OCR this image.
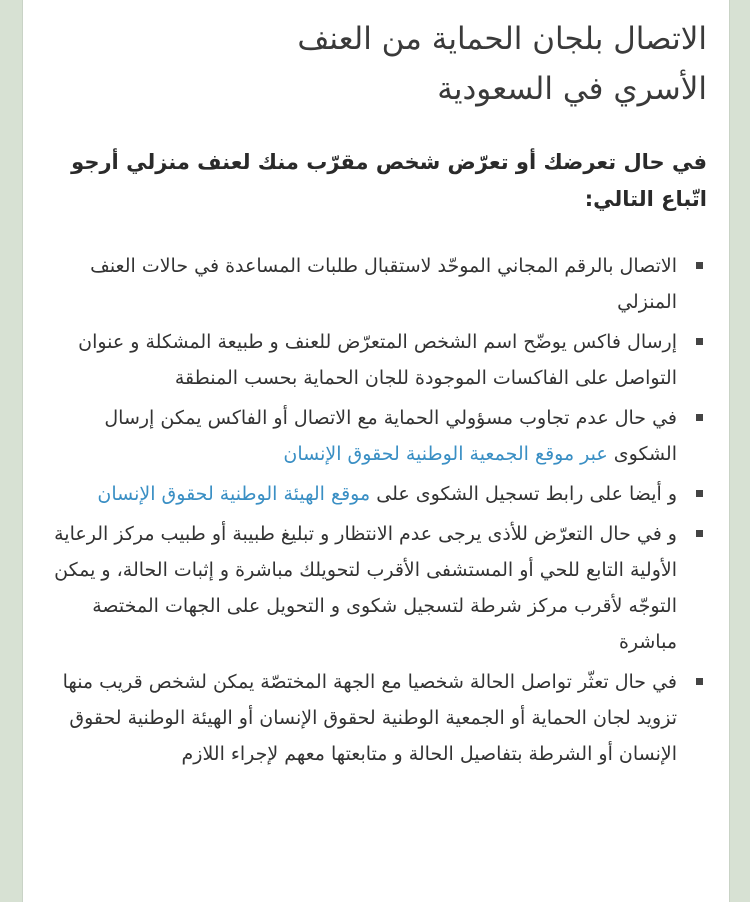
الاتصال بلجان الحماية من العنف
الأسري في السعودية

في حال تعرضك أو تعرّض شخص مقرّب منك لعنف منزلي أرجو اتّباع التالي:

الاتصال بالرقم المجاني الموحّد لاستقبال طلبات المساعدة في حالات العنف المنزلي
إرسال فاكس يوضّح اسم الشخص المتعرّض للعنف و طبيعة المشكلة و عنوان التواصل على الفاكسات الموجودة للجان الحماية بحسب المنطقة
في حال عدم تجاوب مسؤولي الحماية مع الاتصال أو الفاكس يمكن إرسال الشكوى عبر موقع الجمعية الوطنية لحقوق الإنسان
و أيضا على رابط تسجيل الشكوى على موقع الهيئة الوطنية لحقوق الإنسان
و في حال التعرّض للأذى يرجى عدم الانتظار و تبليغ طبيبة أو طبيب مركز الرعاية الأولية التابع للحي أو المستشفى الأقرب لتحويلك مباشرة و إثبات الحالة، و يمكن التوجّه لأقرب مركز شرطة لتسجيل شكوى و التحويل على الجهات المختصة مباشرة
في حال تعثّر تواصل الحالة شخصيا مع الجهة المختصّة يمكن لشخص قريب منها تزويد لجان الحماية أو الجمعية الوطنية لحقوق الإنسان أو الهيئة الوطنية لحقوق الإنسان أو الشرطة بتفاصيل الحالة و متابعتها معهم لإجراء اللازم
